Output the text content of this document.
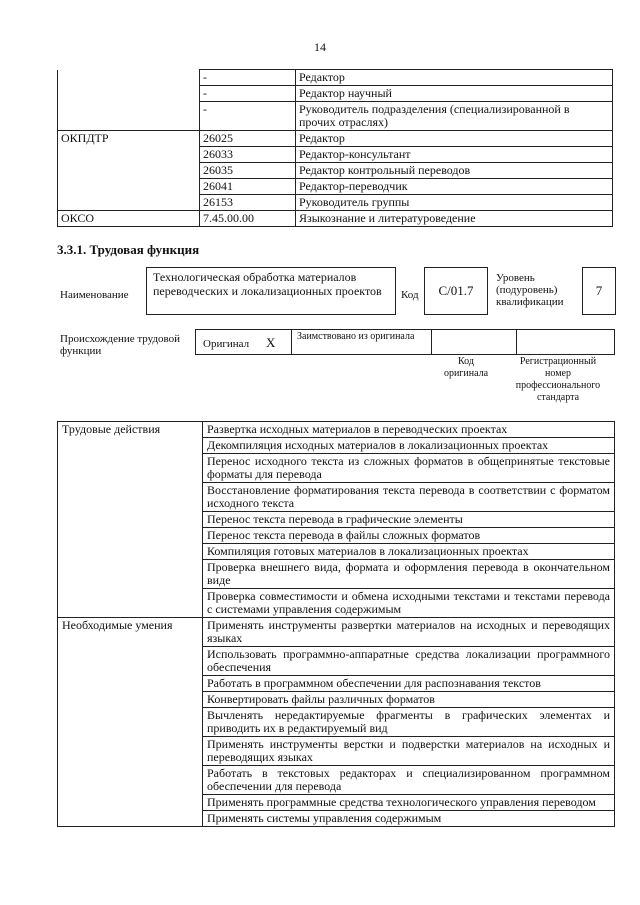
14
	-	Редактор
	-	Редактор научный
	-	Руководитель подразделения (специализированной в прочих отраслях)
ОКПДТР	26025	Редактор
	26033	Редактор-консультант
	26035	Редактор контрольный переводов
	26041	Редактор-переводчик
	26153	Руководитель группы
ОКСО	7.45.00.00	Языкознание и литературоведение
3.3.1. Трудовая функция
Наименование
Технологическая обработка материалов переводческих и локализационных проектов	Код	C/01.7
Уровень (подуровень) квалификации
7
Происхождение трудовой функции
Оригинал X Заимствовано из оригинала
Код оригинала
Регистрационный номер профессионального стандарта
Трудовые действия	Развертка исходных материалов в переводческих проектах
	Декомпиляция исходных материалов в локализационных проектах
	Перенос исходного текста из сложных форматов в общепринятые текстовые форматы для перевода
	Восстановление форматирования текста перевода в соответствии с форматом исходного текста
	Перенос текста перевода в графические элементы
	Перенос текста перевода в файлы сложных форматов
	Компиляция готовых материалов в локализационных проектах
	Проверка внешнего вида, формата и оформления перевода в окончательном виде
	Проверка совместимости и обмена исходными текстами и текстами перевода с системами управления содержимым
Необходимые умения	Применять инструменты развертки материалов на исходных и переводящих языках
	Использовать программно-аппаратные средства локализации программного обеспечения
	Работать в программном обеспечении для распознавания текстов
	Конвертировать файлы различных форматов
	Вычленять нередактируемые фрагменты в графических элементах и приводить их в редактируемый вид
	Применять инструменты верстки и подверстки материалов на исходных и переводящих языках
	Работать в текстовых редакторах и специализированном программном обеспечении для перевода
	Применять программные средства технологического управления переводом
	Применять системы управления содержимым
